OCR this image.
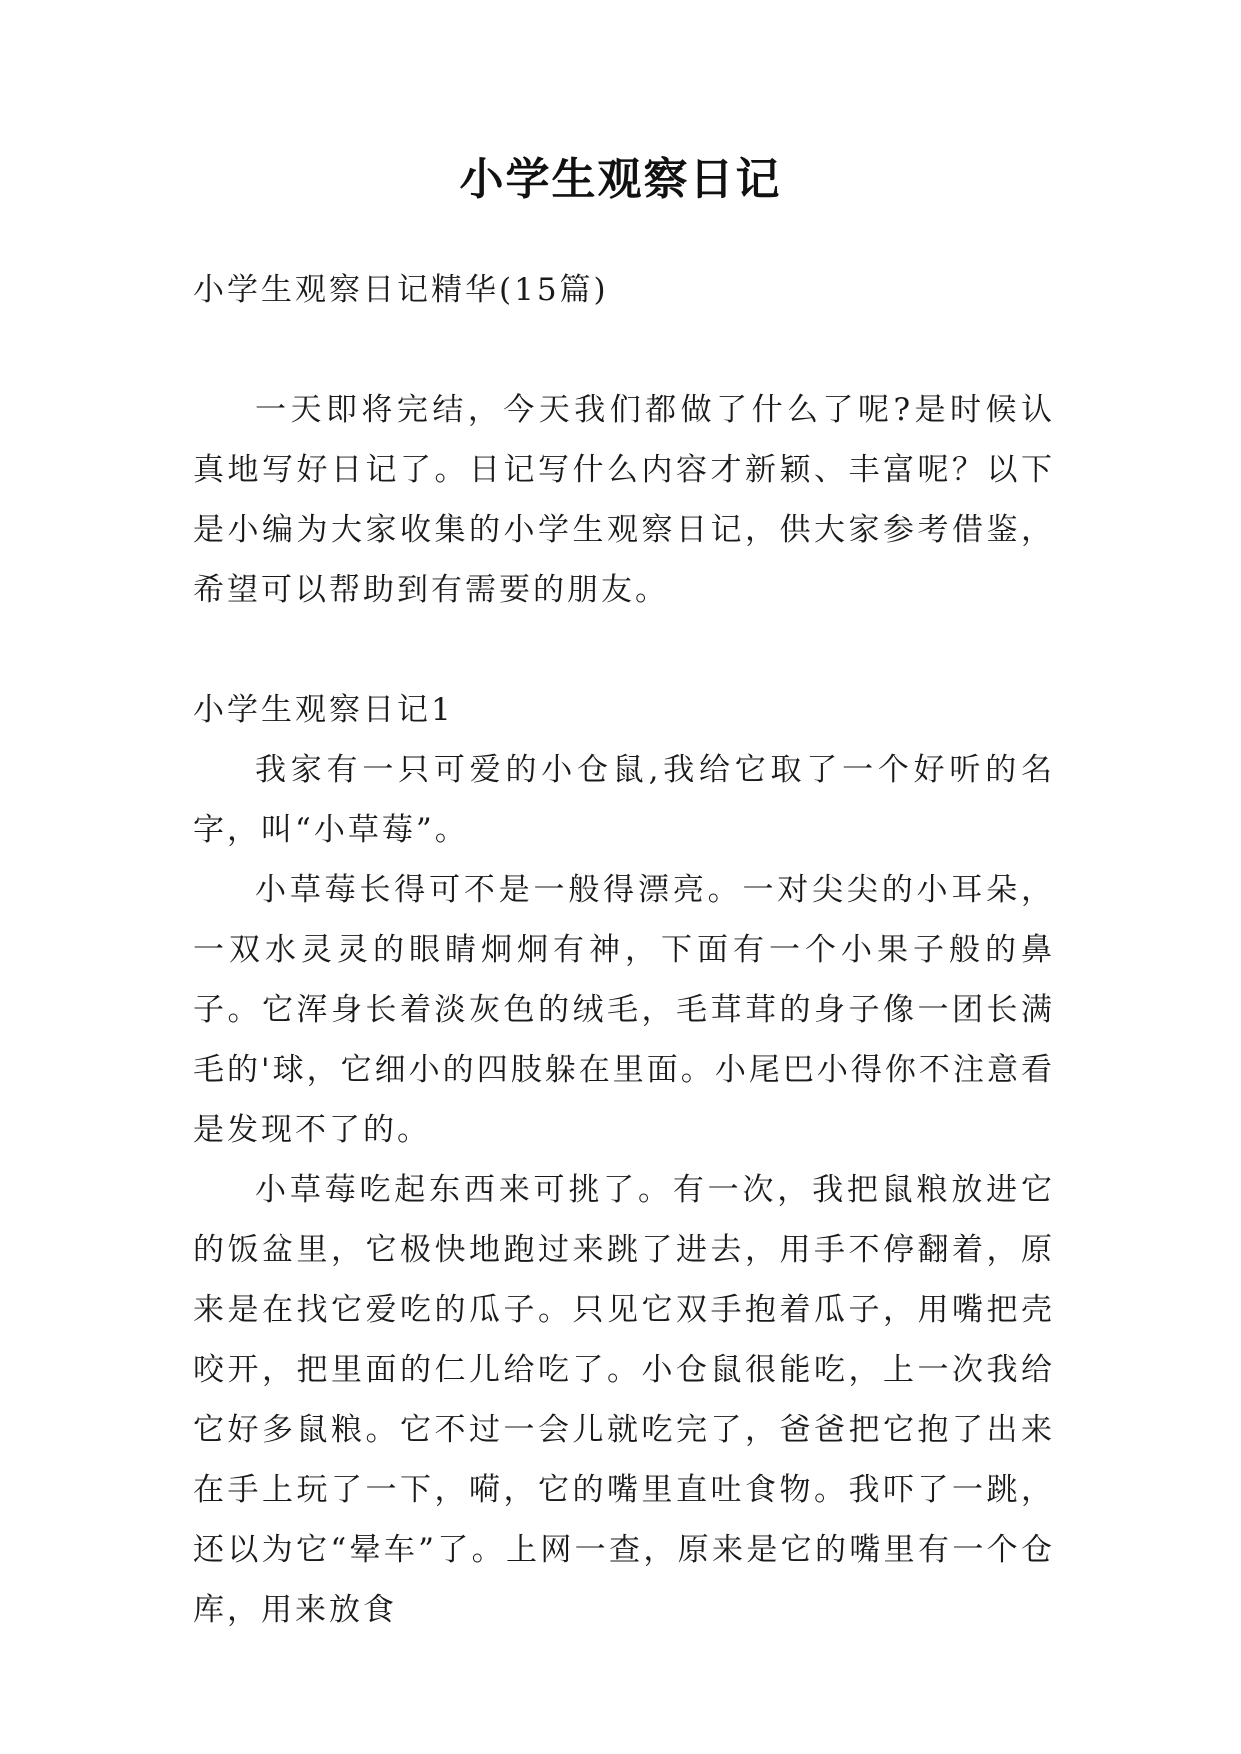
小学生观察日记

小学生观察日记精华(15篇)

一天即将完结，今天我们都做了什么了呢?是时候认真地写好日记了。日记写什么内容才新颖、丰富呢？以下是小编为大家收集的小学生观察日记，供大家参考借鉴，希望可以帮助到有需要的朋友。

小学生观察日记1

我家有一只可爱的小仓鼠,我给它取了一个好听的名字，叫“小草莓”。

小草莓长得可不是一般得漂亮。一对尖尖的小耳朵，一双水灵灵的眼睛炯炯有神，下面有一个小果子般的鼻子。它浑身长着淡灰色的绒毛，毛茸茸的身子像一团长满毛的'球，它细小的四肢躲在里面。小尾巴小得你不注意看是发现不了的。

小草莓吃起东西来可挑了。有一次，我把鼠粮放进它的饭盆里，它极快地跑过来跳了进去，用手不停翻着，原来是在找它爱吃的瓜子。只见它双手抱着瓜子，用嘴把壳咬开，把里面的仁儿给吃了。小仓鼠很能吃，上一次我给它好多鼠粮。它不过一会儿就吃完了，爸爸把它抱了出来在手上玩了一下，嗬，它的嘴里直吐食物。我吓了一跳，还以为它“晕车”了。上网一查，原来是它的嘴里有一个仓库，用来放食
